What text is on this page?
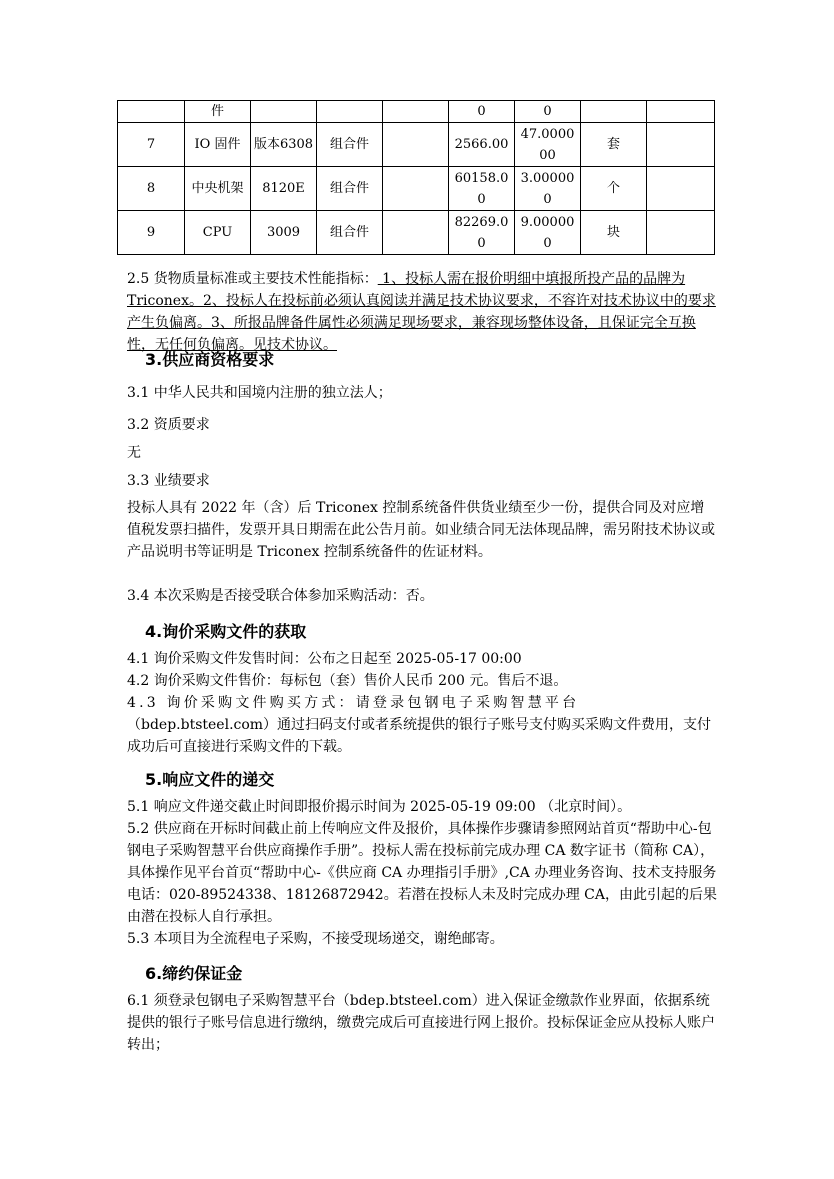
	件				0	0		
7	IO 固件	版本6308	组合件		2566.00	47.000000	套	
8	中央机架	8120E	组合件		60158.00	3.000000	个	
9	CPU	3009	组合件		82269.00	9.000000	块	

2.5 货物质量标准或主要技术性能指标： 1、投标人需在报价明细中填报所投产品的品牌为 Triconex。2、投标人在投标前必须认真阅读并满足技术协议要求，不容许对技术协议中的要求产生负偏离。3、所报品牌备件属性必须满足现场要求，兼容现场整体设备，且保证完全互换性，无任何负偏离。见技术协议。

3.供应商资格要求

3.1 中华人民共和国境内注册的独立法人；

3.2 资质要求

无

3.3 业绩要求

投标人具有 2022 年（含）后 Triconex 控制系统备件供货业绩至少一份，提供合同及对应增值税发票扫描件，发票开具日期需在此公告月前。如业绩合同无法体现品牌，需另附技术协议或产品说明书等证明是 Triconex 控制系统备件的佐证材料。

3.4 本次采购是否接受联合体参加采购活动：否。

4.询价采购文件的获取

4.1 询价采购文件发售时间：公布之日起至 2025-05-17 00:00

4.2 询价采购文件售价：每标包（套）售价人民币 200 元。售后不退。

4.3 询价采购文件购买方式：请登录包钢电子采购智慧平台

（bdep.btsteel.com）通过扫码支付或者系统提供的银行子账号支付购买采购文件费用，支付成功后可直接进行采购文件的下载。

5.响应文件的递交

5.1 响应文件递交截止时间即报价揭示时间为 2025-05-19 09:00 （北京时间）。

5.2 供应商在开标时间截止前上传响应文件及报价，具体操作步骤请参照网站首页“帮助中心-包钢电子采购智慧平台供应商操作手册”。投标人需在投标前完成办理 CA 数字证书（简称 CA），具体操作见平台首页“帮助中心-《供应商 CA 办理指引手册》,CA 办理业务咨询、技术支持服务电话：020-89524338、18126872942。若潜在投标人未及时完成办理 CA，由此引起的后果由潜在投标人自行承担。

5.3 本项目为全流程电子采购，不接受现场递交，谢绝邮寄。

6.缔约保证金

6.1 须登录包钢电子采购智慧平台（bdep.btsteel.com）进入保证金缴款作业界面，依据系统提供的银行子账号信息进行缴纳，缴费完成后可直接进行网上报价。投标保证金应从投标人账户转出；
